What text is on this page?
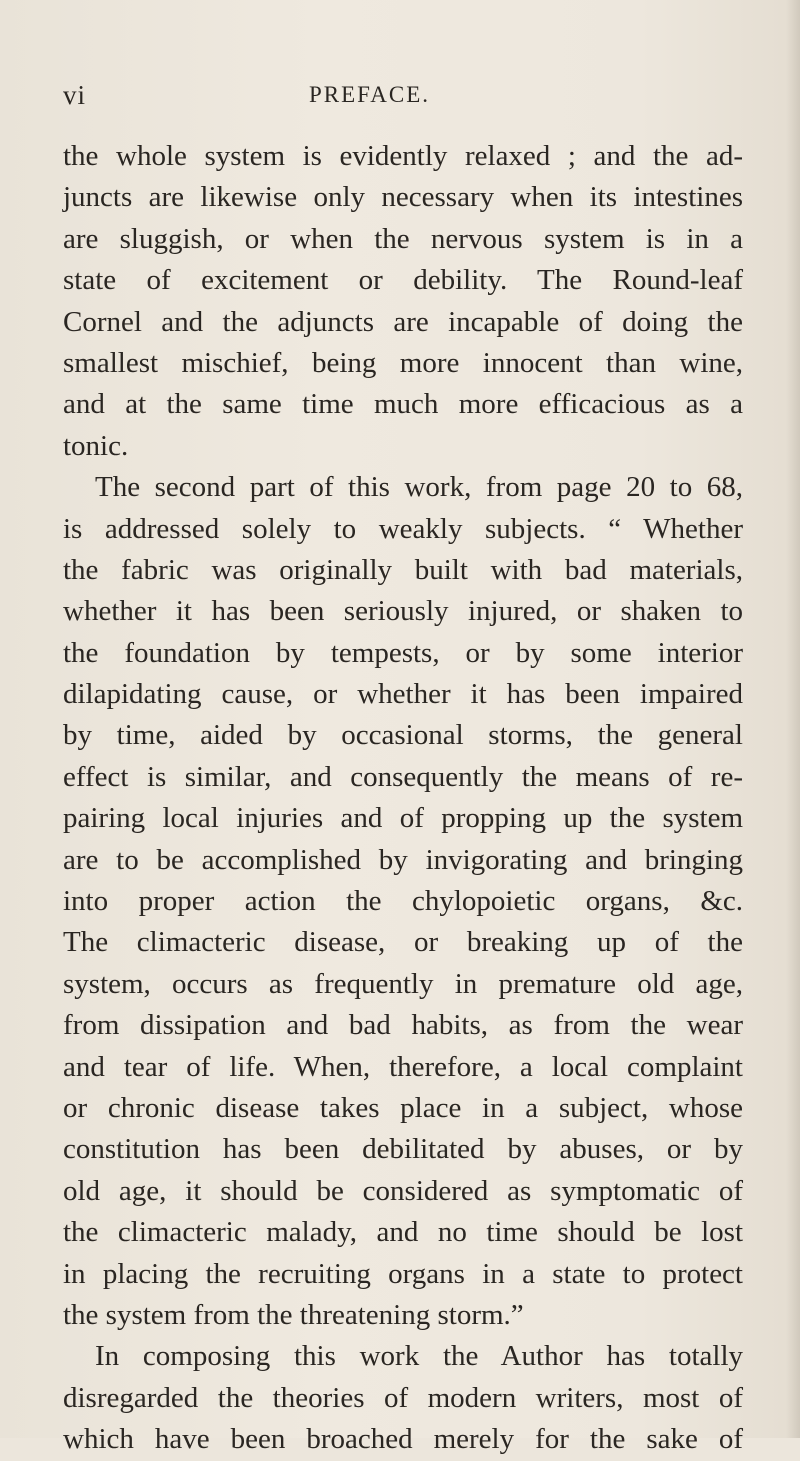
vi	PREFACE.
the whole system is evidently relaxed ; and the ad-
juncts are likewise only necessary when its intestines
are sluggish, or when the nervous system is in a
state of excitement or debility. The Round-leaf
Cornel and the adjuncts are incapable of doing the
smallest mischief, being more innocent than wine,
and at the same time much more efficacious as a
tonic.
The second part of this work, from page 20 to 68,
is addressed solely to weakly subjects. “ Whether
the fabric was originally built with bad materials,
whether it has been seriously injured, or shaken to
the foundation by tempests, or by some interior
dilapidating cause, or whether it has been impaired
by time, aided by occasional storms, the general
effect is similar, and consequently the means of re-
pairing local injuries and of propping up the system
are to be accomplished by invigorating and bringing
into proper action the chylopoietic organs, &c.
The climacteric disease, or breaking up of the
system, occurs as frequently in premature old age,
from dissipation and bad habits, as from the wear
and tear of life. When, therefore, a local complaint
or chronic disease takes place in a subject, whose
constitution has been debilitated by abuses, or by
old age, it should be considered as symptomatic of
the climacteric malady, and no time should be lost
in placing the recruiting organs in a state to protect
the system from the threatening storm.”
In composing this work the Author has totally
disregarded the theories of modern writers, most of
which have been broached merely for the sake of
